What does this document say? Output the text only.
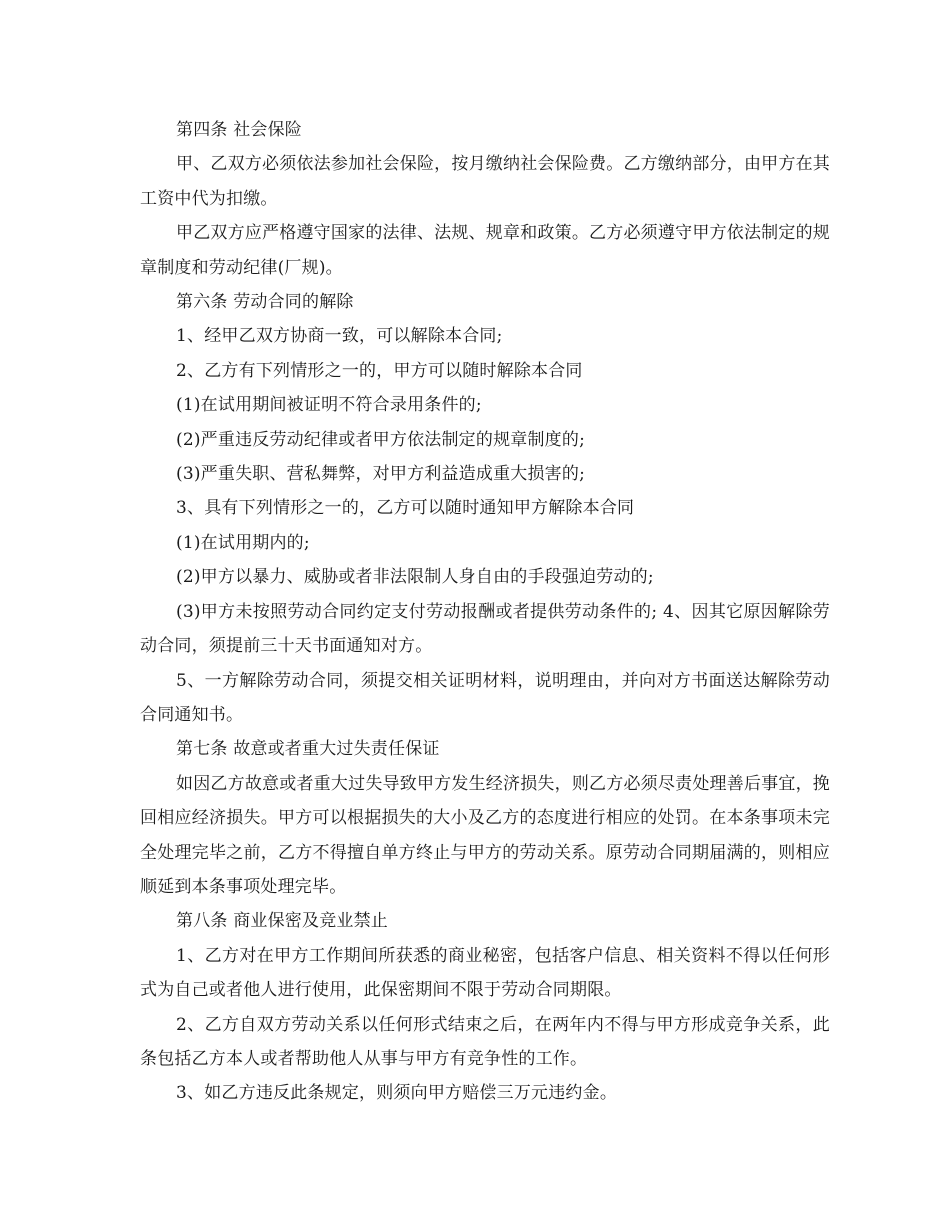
第四条 社会保险

甲、乙双方必须依法参加社会保险，按月缴纳社会保险费。乙方缴纳部分，由甲方在其工资中代为扣缴。

甲乙双方应严格遵守国家的法律、法规、规章和政策。乙方必须遵守甲方依法制定的规章制度和劳动纪律(厂规)。

第六条 劳动合同的解除

1、经甲乙双方协商一致，可以解除本合同;

2、乙方有下列情形之一的，甲方可以随时解除本合同

(1)在试用期间被证明不符合录用条件的;

(2)严重违反劳动纪律或者甲方依法制定的规章制度的;

(3)严重失职、营私舞弊，对甲方利益造成重大损害的;

3、具有下列情形之一的，乙方可以随时通知甲方解除本合同

(1)在试用期内的;

(2)甲方以暴力、威胁或者非法限制人身自由的手段强迫劳动的;

(3)甲方未按照劳动合同约定支付劳动报酬或者提供劳动条件的; 4、因其它原因解除劳动合同，须提前三十天书面通知对方。

5、一方解除劳动合同，须提交相关证明材料，说明理由，并向对方书面送达解除劳动合同通知书。

第七条 故意或者重大过失责任保证

如因乙方故意或者重大过失导致甲方发生经济损失，则乙方必须尽责处理善后事宜，挽回相应经济损失。甲方可以根据损失的大小及乙方的态度进行相应的处罚。在本条事项未完全处理完毕之前，乙方不得擅自单方终止与甲方的劳动关系。原劳动合同期届满的，则相应顺延到本条事项处理完毕。

第八条 商业保密及竞业禁止

1、乙方对在甲方工作期间所获悉的商业秘密，包括客户信息、相关资料不得以任何形式为自己或者他人进行使用，此保密期间不限于劳动合同期限。

2、乙方自双方劳动关系以任何形式结束之后，在两年内不得与甲方形成竞争关系，此条包括乙方本人或者帮助他人从事与甲方有竞争性的工作。

3、如乙方违反此条规定，则须向甲方赔偿三万元违约金。
